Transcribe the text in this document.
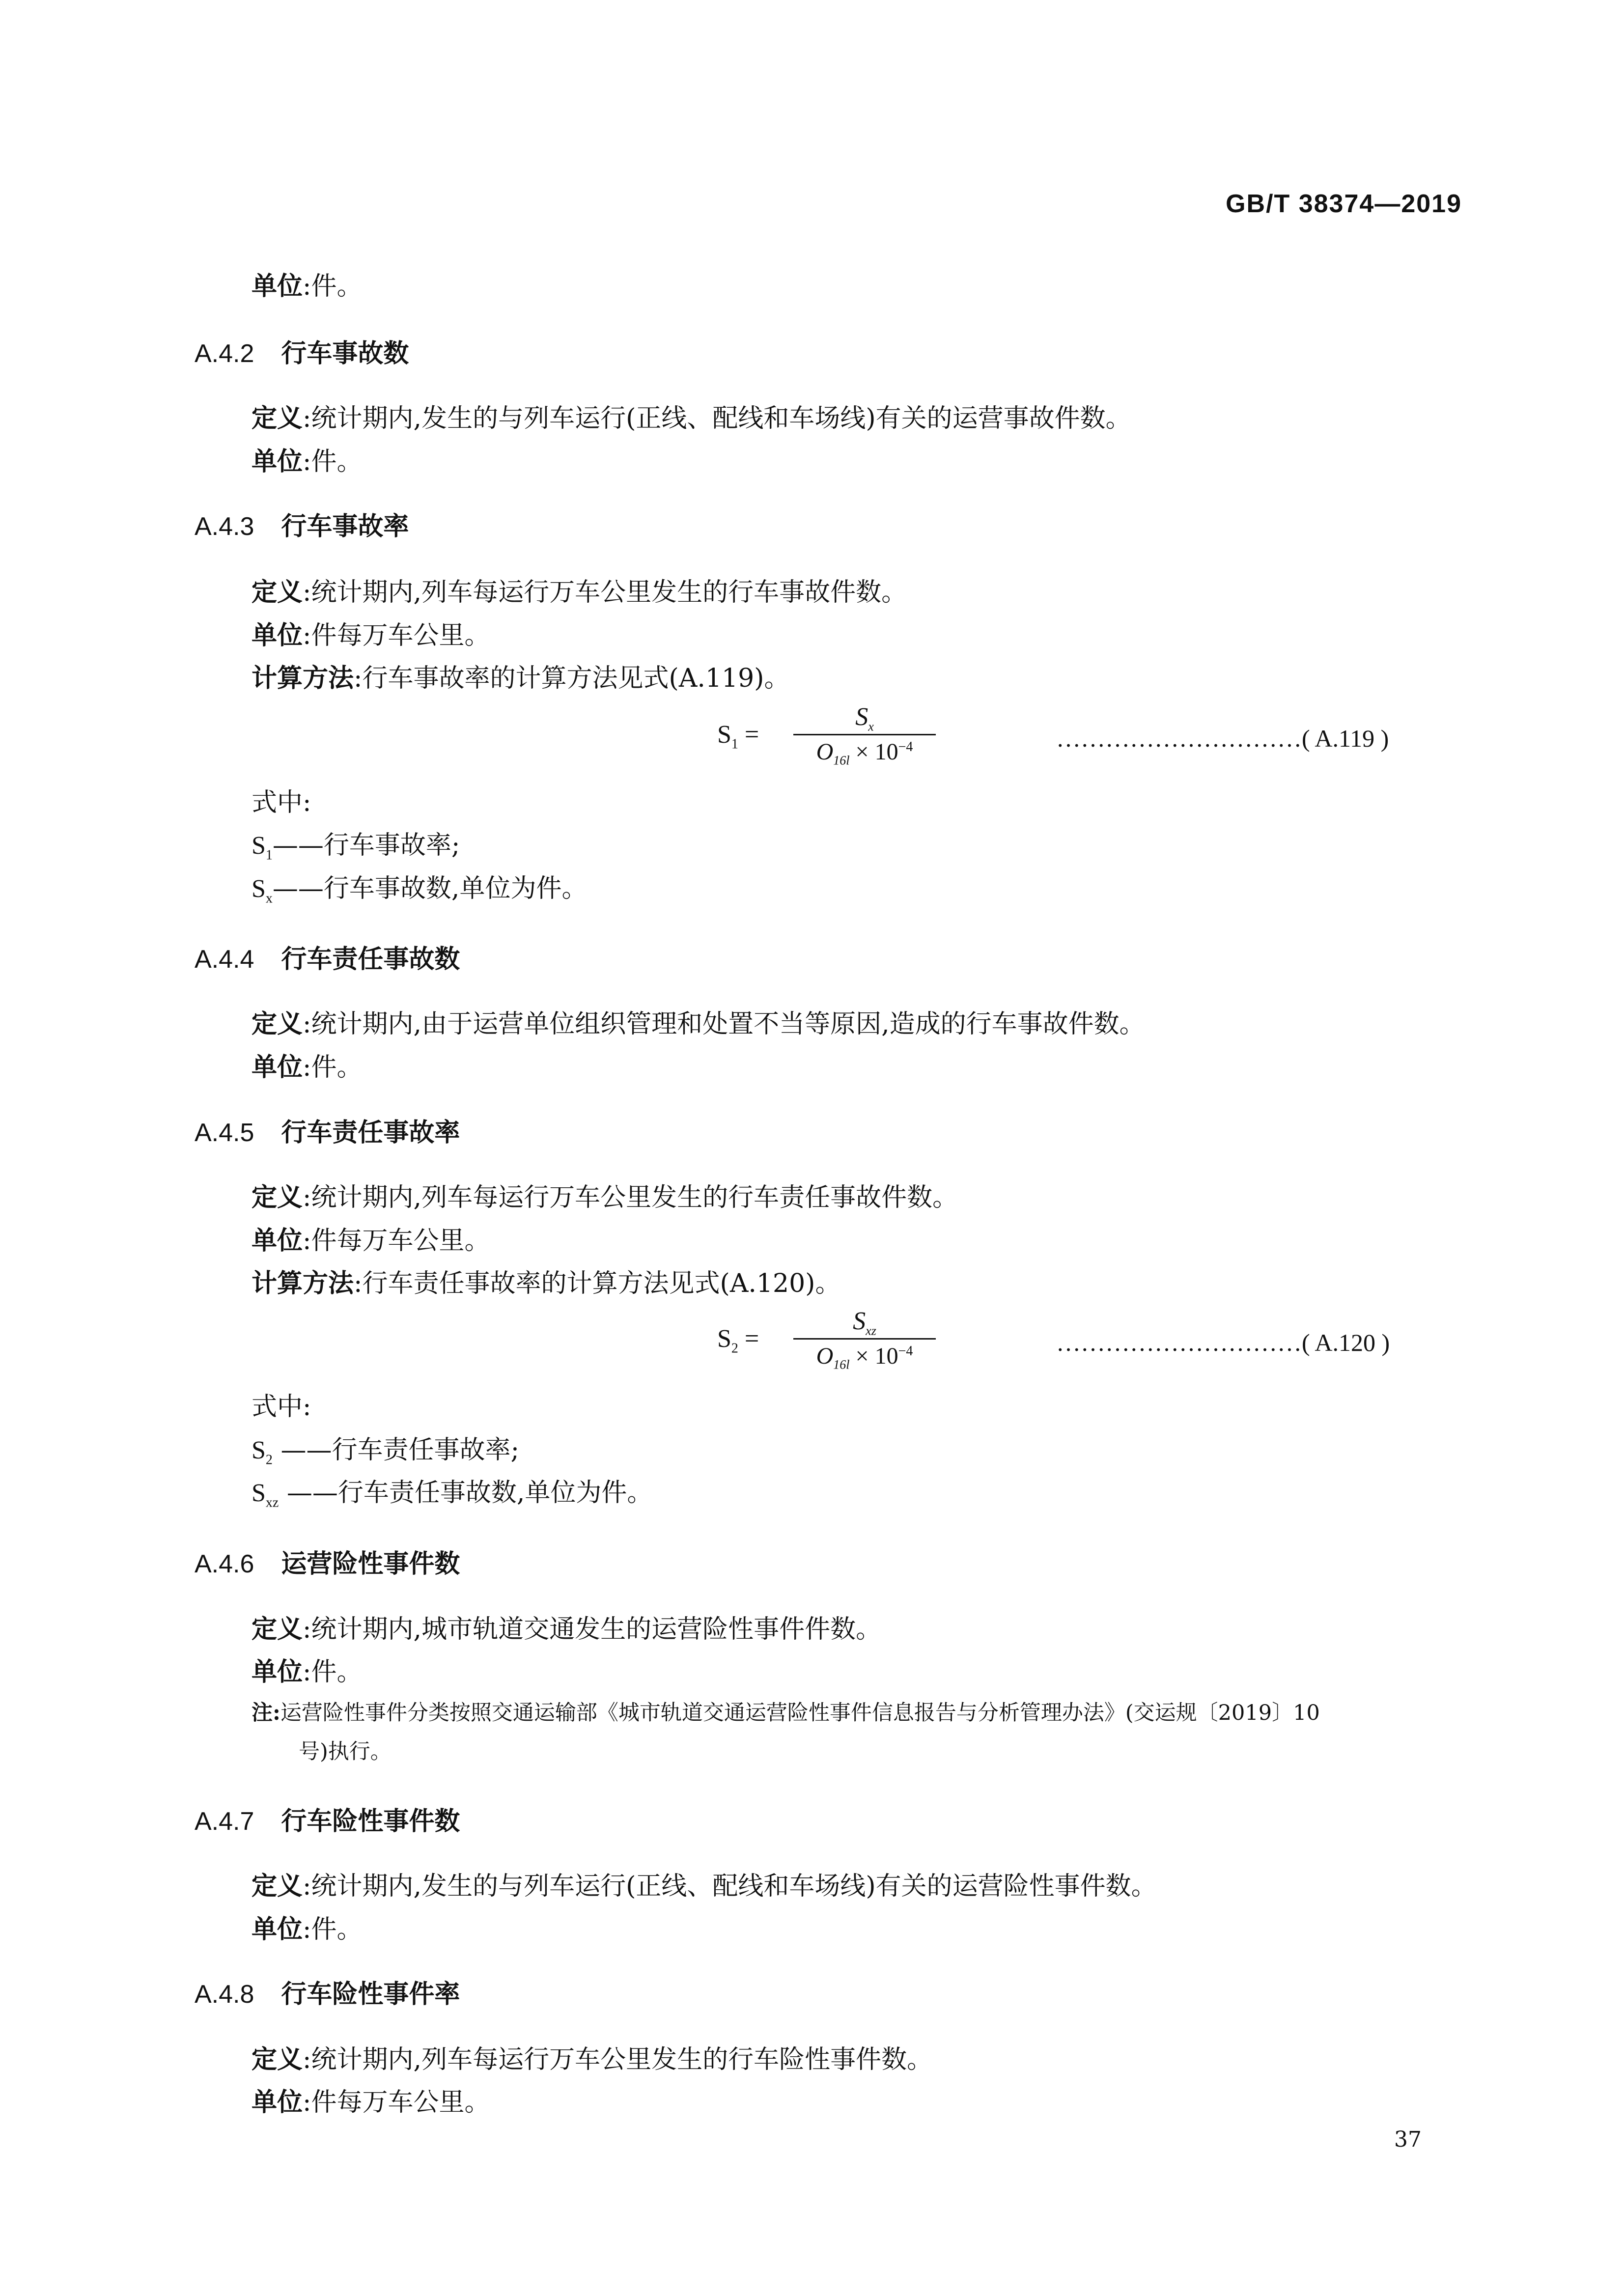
GB/T 38374—2019
单位:件。
A.4.2 行车事故数
定义:统计期内,发生的与列车运行(正线、配线和车场线)有关的运营事故件数。
单位:件。
A.4.3 行车事故率
定义:统计期内,列车每运行万车公里发生的行车事故件数。
单位:件每万车公里。
计算方法:行车事故率的计算方法见式(A.119)。
$S_1$ =
$S_x$
$O_{16l} \times 10^{-4}$	…………………………( A.119 )
式中:
$S_1——$行车事故率;
$S_x——$行车事故数,单位为件。
A.4.4 行车责任事故数
定义:统计期内,由于运营单位组织管理和处置不当等原因,造成的行车事故件数。
单位:件。
A.4.5 行车责任事故率
定义:统计期内,列车每运行万车公里发生的行车责任事故件数。
单位:件每万车公里。
计算方法:行车责任事故率的计算方法见式(A.120)。
$S_2$ =
$S_{xz}$
$O_{16l} \times 10^{-4}$	…………………………( A.120 )
式中:
$S_2$ ——行车责任事故率;
$S_{xz}$ ——行车责任事故数,单位为件。
A.4.6 运营险性事件数
定义:统计期内,城市轨道交通发生的运营险性事件件数。
单位:件。
注:运营险性事件分类按照交通运输部《城市轨道交通运营险性事件信息报告与分析管理办法》(交运规〔2019〕10
号)执行。
A.4.7 行车险性事件数
定义:统计期内,发生的与列车运行(正线、配线和车场线)有关的运营险性事件数。
单位:件。
A.4.8 行车险性事件率
定义:统计期内,列车每运行万车公里发生的行车险性事件数。
单位:件每万车公里。
37
